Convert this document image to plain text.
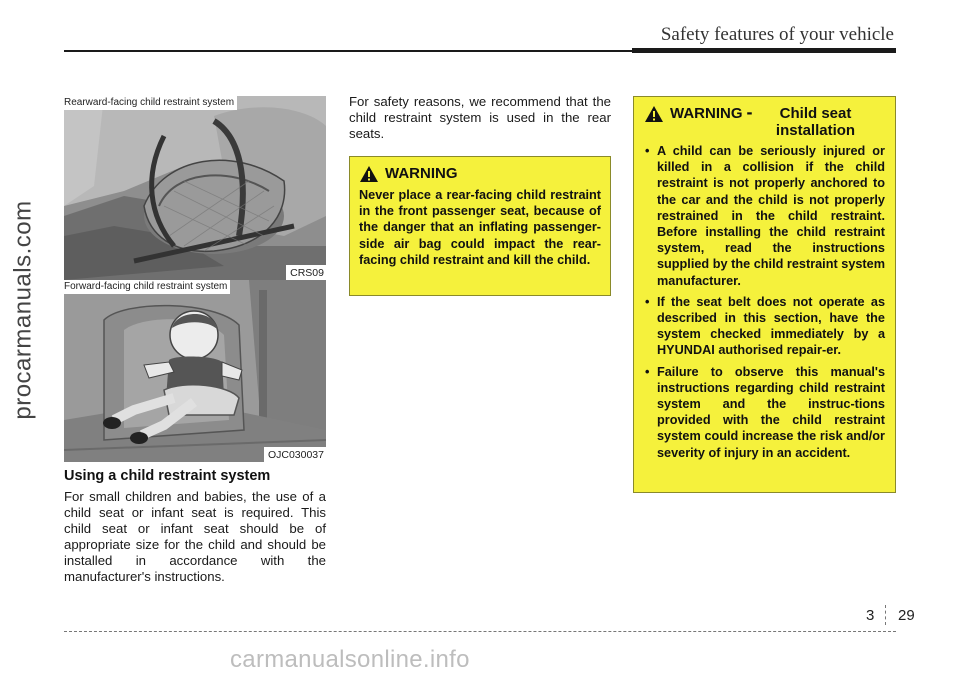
Safety features of your vehicle
procarmanuals.com
Rearward-facing child restraint system
CRS09
Forward-facing child restraint system
OJC030037
Using a child restraint system
For small children and babies, the use of a child seat or infant seat is required. This child seat or infant seat should be of appropriate size for the child and should be installed in accordance with the manufacturer's instructions.
For safety reasons, we recommend that the child restraint system is used in the rear seats.
WARNING
Never place a rear-facing child restraint in the front passenger seat, because of the danger that an inflating passenger-side air bag could impact the rear-facing child restraint and kill the child.
WARNING -	Child seat installation
• A child can be seriously injured or killed in a collision if the child restraint is not properly anchored to the car and the child is not properly restrained in the child restraint. Before installing the child restraint system, read the instructions supplied by the child restraint system manufacturer.
• If the seat belt does not operate as described in this section, have the system checked immediately by a HYUNDAI authorised repair-er.
• Failure to observe this manual's instructions regarding child restraint system and the instruc-tions provided with the child restraint system could increase the risk and/or severity of injury in an accident.
3 29
carmanualsonline.info
